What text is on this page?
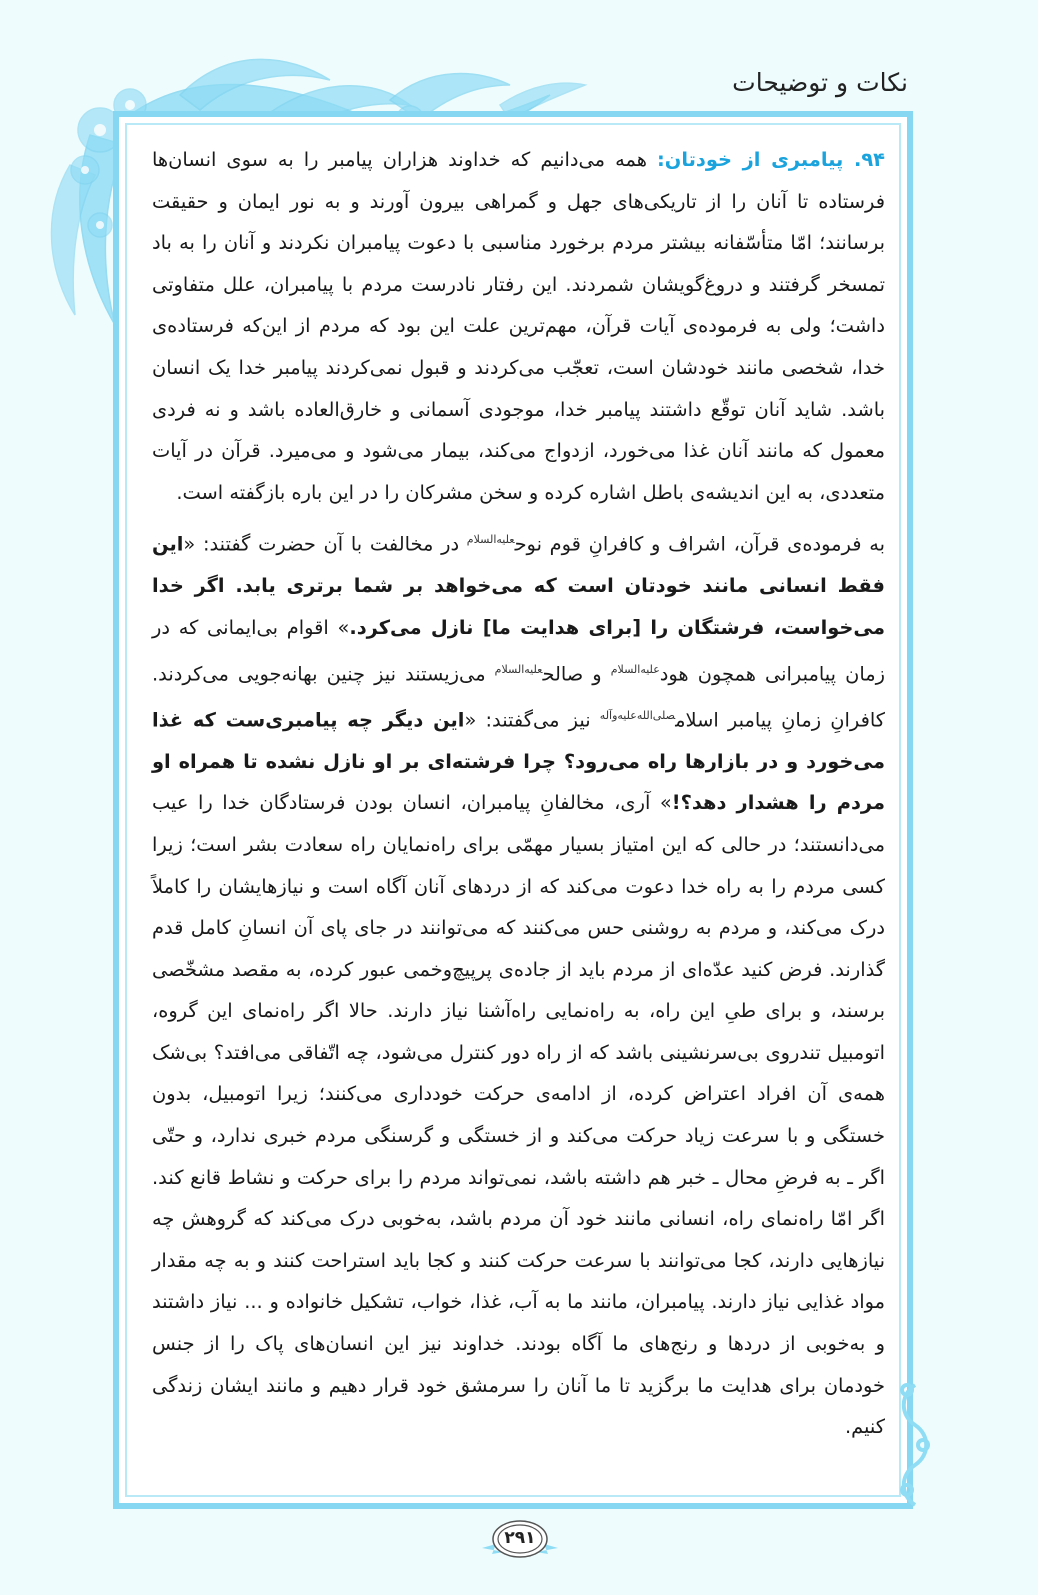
نکات و توضیحات

۹۴. پیامبری از خودتان: همه می‌دانیم که خداوند هزاران پیامبر را به سوی انسان‌ها فرستاده تا آنان را از تاریکی‌های جهل و گمراهی بیرون آورند و به نور ایمان و حقیقت برسانند؛ امّا متأسّفانه بیشتر مردم برخورد مناسبی با دعوت پیامبران نکردند و آنان را به باد تمسخر گرفتند و دروغ‌گویشان شمردند. این رفتار نادرست مردم با پیامبران، علل متفاوتی داشت؛ ولی به فرموده‌ی آیات قرآن، مهم‌ترین علت این بود که مردم از این‌که فرستاده‌ی خدا، شخصی مانند خودشان است، تعجّب می‌کردند و قبول نمی‌کردند پیامبر خدا یک انسان باشد. شاید آنان توقّع داشتند پیامبر خدا، موجودی آسمانی و خارق‌العاده باشد و نه فردی معمول که مانند آنان غذا می‌خورد، ازدواج می‌کند، بیمار می‌شود و می‌میرد. قرآن در آیات متعددی، به این اندیشه‌ی باطل اشاره کرده و سخن مشرکان را در این باره بازگفته است.

به فرموده‌ی قرآن، اشراف و کافرانِ قوم نوح$^{علیه‌السلام}$ در مخالفت با آن حضرت گفتند: «این فقط انسانی مانند خودتان است که می‌خواهد بر شما برتری یابد. اگر خدا می‌خواست، فرشتگان را [برای هدایت ما] نازل می‌کرد.» اقوام بی‌ایمانی که در زمان پیامبرانی همچون هود$^{علیه‌السلام}$ و صالح$^{علیه‌السلام}$ می‌زیستند نیز چنین بهانه‌جویی می‌کردند. کافرانِ زمانِ پیامبر اسلام$^{صلی‌الله‌علیه‌وآله}$ نیز می‌گفتند: «این دیگر چه پیامبری‌ست که غذا می‌خورد و در بازارها راه می‌رود؟ چرا فرشته‌ای بر او نازل نشده تا همراه او مردم را هشدار دهد؟!» آری، مخالفانِ پیامبران، انسان بودن فرستادگان خدا را عیب می‌دانستند؛ در حالی که این امتیاز بسیار مهمّی برای راه‌نمایان راه سعادت بشر است؛ زیرا کسی مردم را به راه خدا دعوت می‌کند که از دردهای آنان آگاه است و نیازهایشان را کاملاً درک می‌کند، و مردم به روشنی حس می‌کنند که می‌توانند در جای پای آن انسانِ کامل قدم گذارند. فرض کنید عدّه‌ای از مردم باید از جاده‌ی پرپیچ‌وخمی عبور کرده، به مقصد مشخّصی برسند، و برای طیِ این راه، به راه‌نمایی راه‌آشنا نیاز دارند. حالا اگر راه‌نمای این گروه، اتومبیل تندروی بی‌سرنشینی باشد که از راه دور کنترل می‌شود، چه اتّفاقی می‌افتد؟ بی‌شک همه‌ی آن افراد اعتراض کرده، از ادامه‌ی حرکت خودداری می‌کنند؛ زیرا اتومبیل، بدون خستگی و با سرعت زیاد حرکت می‌کند و از خستگی و گرسنگی مردم خبری ندارد، و حتّی اگر ـ به فرضِ محال ـ خبر هم داشته باشد، نمی‌تواند مردم را برای حرکت و نشاط قانع کند. اگر امّا راه‌نمای راه، انسانی مانند خود آن مردم باشد، به‌خوبی درک می‌کند که گروهش چه نیازهایی دارند، کجا می‌توانند با سرعت حرکت کنند و کجا باید استراحت کنند و به چه مقدار مواد غذایی نیاز دارند. پیامبران، مانند ما به آب، غذا، خواب، تشکیل خانواده و ... نیاز داشتند و به‌خوبی از دردها و رنج‌های ما آگاه بودند. خداوند نیز این انسان‌های پاک را از جنس خودمان برای هدایت ما برگزید تا ما آنان را سرمشق خود قرار دهیم و مانند ایشان زندگی کنیم.

۲۹۱
